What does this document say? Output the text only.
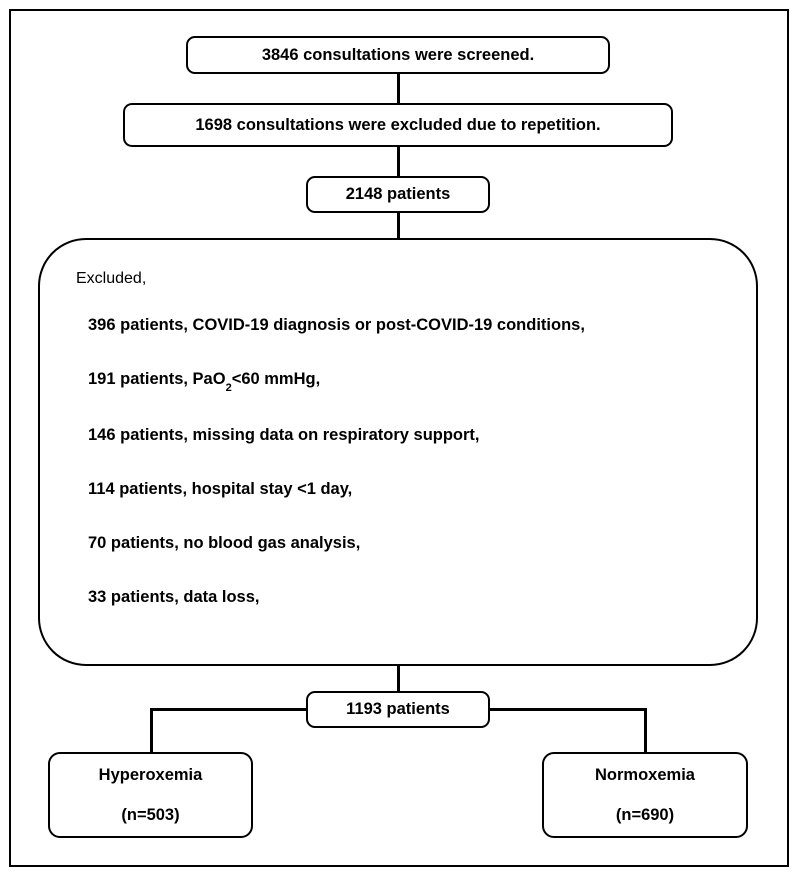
3846 consultations were screened.
1698 consultations were excluded due to repetition.
2148 patients
Excluded,
396 patients, COVID-19 diagnosis or post-COVID-19 conditions,
191 patients, PaO$_2$<60 mmHg,
146 patients, missing data on respiratory support,
114 patients, hospital stay <1 day,
70 patients, no blood gas analysis,
33 patients, data loss,
1193 patients
Hyperoxemia
(n=503)
Normoxemia
(n=690)
